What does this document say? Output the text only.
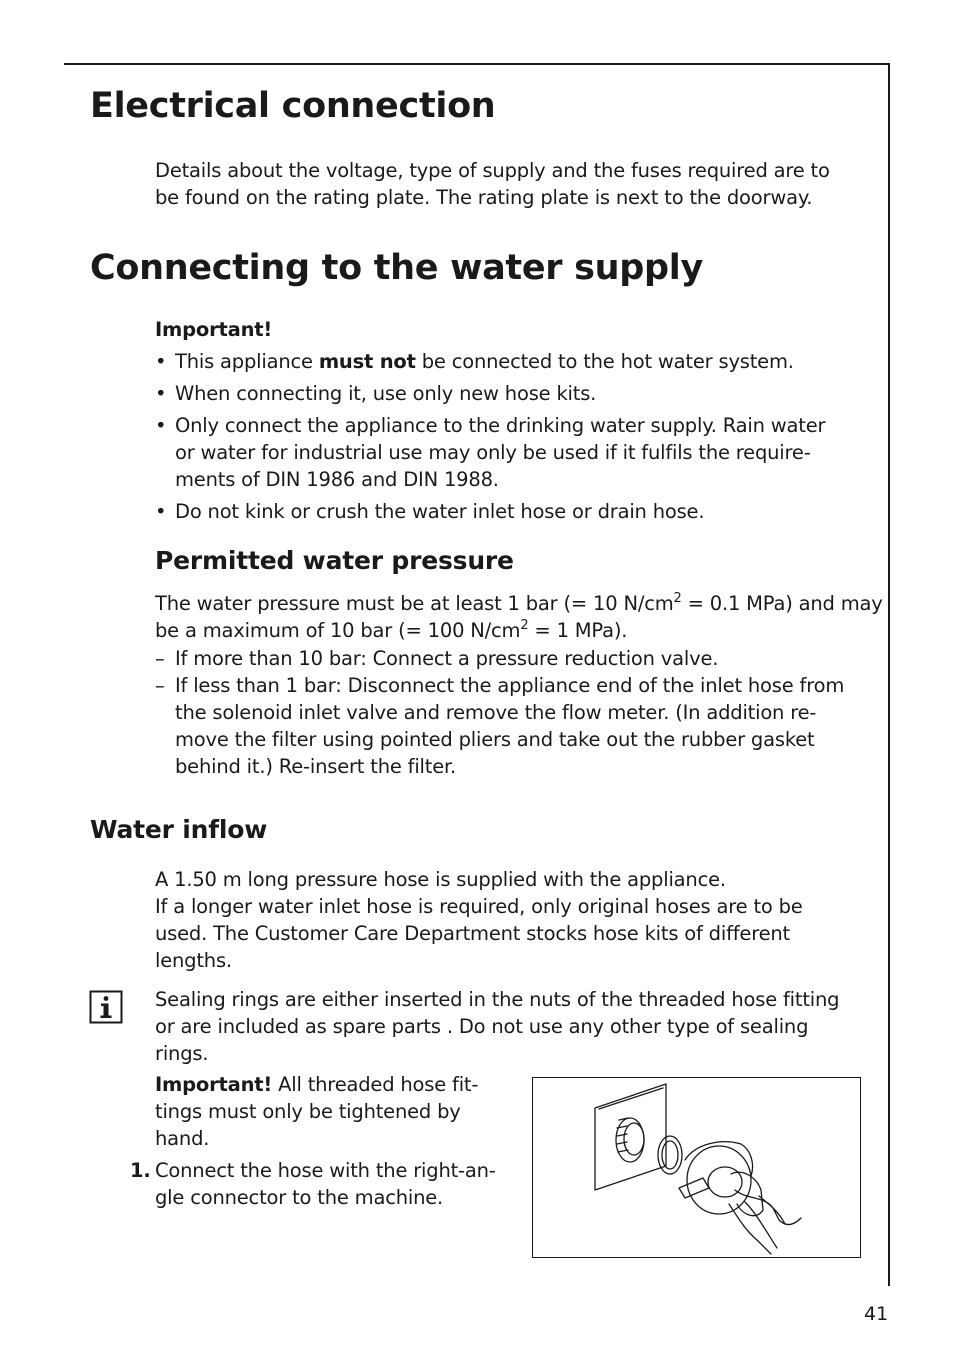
Electrical connection

Details about the voltage, type of supply and the fuses required are to
be found on the rating plate. The rating plate is next to the doorway.

Connecting to the water supply
Important!
• This appliance must not be connected to the hot water system.
• When connecting it, use only new hose kits.
• Only connect the appliance to the drinking water supply. Rain water
or water for industrial use may only be used if it fulfils the require-
ments of DIN 1986 and DIN 1988.
• Do not kink or crush the water inlet hose or drain hose.
Permitted water pressure

The water pressure must be at least 1 bar (= 10 $N/cm^2 = 0.1$ MPa) and may
be a maximum of 10 bar (= 100 $N/cm^2 = 1$ MPa).

– If more than 10 bar: Connect a pressure reduction valve.
– If less than 1 bar: Disconnect the appliance end of the inlet hose from
the solenoid inlet valve and remove the flow meter. (In addition re-
move the filter using pointed pliers and take out the rubber gasket
behind it.) Re-insert the filter.
Water inflow

A 1.50 m long pressure hose is supplied with the appliance.
If a longer water inlet hose is required, only original hoses are to be
used. The Customer Care Department stocks hose kits of different
lengths.

Sealing rings are either inserted in the nuts of the threaded hose fitting
or are included as spare parts . Do not use any other type of sealing
rings.

Important! All threaded hose fit-
tings must only be tightened by
hand.

1. Connect the hose with the right-an-
gle connector to the machine.
41
